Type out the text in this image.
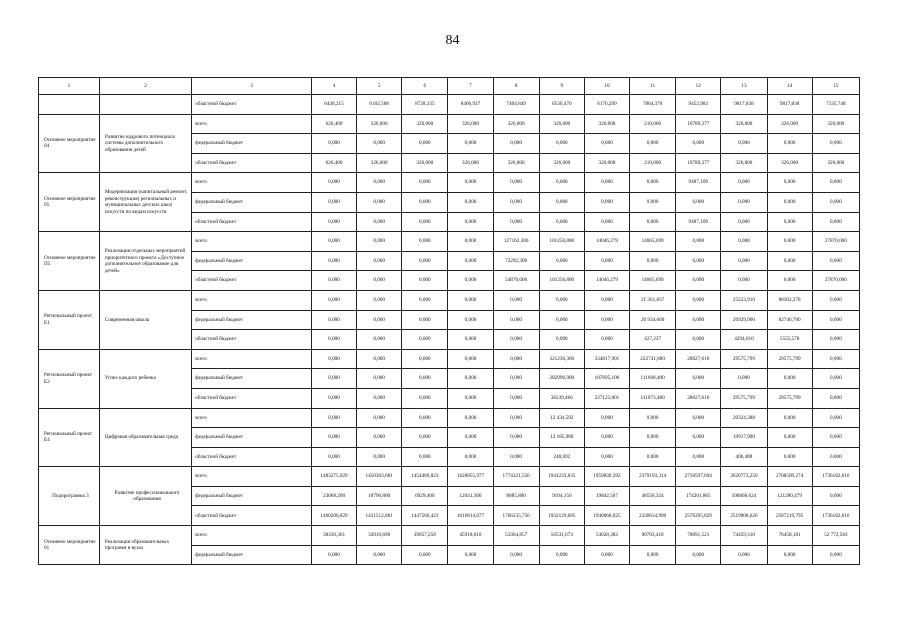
84
1	2	3	4	5	6	7	8	9	10	11	12	13	14	15
		областной бюджет	6438,215	6102,588	8728,335	8466,937	7404,849	6530,470	6176,299	7864,370	9452,983	9817,838	9817,838	7135,748
Основное мероприятие 04	Развитие кадрового потенциала системы дополнительного образования детей	всего	626,400	326,000	326,000	326,000	326,000	326,000	326,000	210,000	10789,377	326,000	326,000	326,000
		федеральный бюджет	0,000	0,000	0,000	0,000	0,000	0,000	0,000	0,000	0,000	0,000	0,000	0,000
		областной бюджет	626,400	326,000	326,000	326,000	326,000	326,000	326,000	210,000	10789,377	326,000	326,000	326,000
Основное мероприятие 05	Модернизация (капитальный ремонт, реконструкция) региональных и муниципальных детских школ искусств по видам искусств	всего	0,000	0,000	0,000	0,000	0,000	0,000	0,000	0,000	9487,109	0,000	0,000	0,000
		федеральный бюджет	0,000	0,000	0,000	0,000	0,000	0,000	0,000	0,000	0,000	0,000	0,000	0,000
		областной бюджет	0,000	0,000	0,000	0,000	0,000	0,000	0,000	0,000	9487,109	0,000	0,000	0,000
Основное мероприятие П5	Реализация отдельных мероприятий приоритетного проекта «Доступное дополнительное образование для детей»	всего	0,000	0,000	0,000	0,000	127162,300	101256,880	14046,279	14065,699	0,000	0,000	0,000	27870,000
		федеральный бюджет	0,000	0,000	0,000	0,000	72292,300	0,000	0,000	0,000	0,000	0,000	0,000	0,000
		областной бюджет	0,000	0,000	0,000	0,000	54870,000	101256,880	14046,279	14065,699	0,000	0,000	0,000	27870,000
Региональный проект E1	Современная школа	всего	0,000	0,000	0,000	0,000	0,000	0,000	0,000	21 361,837	0,000	25223,910	88302,278	0,000
		федеральный бюджет	0,000	0,000	0,000	0,000	0,000	0,000	0,000	20 934,600	0,000	20929,900	82746,700	0,000
		областной бюджет	0,000	0,000	0,000	0,000	0,000	0,000	0,000	427,237	0,000	4294,010	5555,578	0,000
Региональный проект E2	Успех каждого ребенка	всего	0,000	0,000	0,000	0,000	0,000	321236,366	334817,901	222741,880	28027,616	29575,799	29575,799	0,000
		федеральный бюджет	0,000	0,000	0,000	0,000	0,000	282996,900	107695,100	111668,400	0,000	0,000	0,000	0,000
		областной бюджет	0,000	0,000	0,000	0,000	0,000	38239,466	227122,801	111073,480	28027,616	29575,799	29575,799	0,000
Региональный проект E4	Цифровая образовательная среда	всего	0,000	0,000	0,000	0,000	0,000	12 434,592	0,000	0,000	0,000	20324,388	0,000	0,000
		федеральный бюджет	0,000	0,000	0,000	0,000	0,000	12 185,900	0,000	0,000	0,000	19917,900	0,000	0,000
		областной бюджет	0,000	0,000	0,000	0,000	0,000	248,692	0,000	0,000	0,000	406,488	0,000	0,000
Подпрограмма 3	Развитие профессионального образования	всего	1483275,029	1450303,681	1454489,823	1628855,977	1774321,556	1941233,835	1959830,392	2379193,314	2750597,694	2620773,250	2708509,274	1736182,616
		федеральный бюджет	23068,200	18790,800	6929,400	12041,300	8085,800	9104,150	19842,567	48558,324	174201,865	100866,624	121280,479	0,000
		областной бюджет	1460206,829	1431512,881	1447560,423	1616814,677	1766235,756	1932129,685	1940068,025	2330634,990	2576395,829	2519908,626	2587219,795	1736182,616
Основное мероприятие 01	Реализация образовательных программ в вузах	всего	38330,361	32010,690	39057,258	45918,010	53364,857	56531,673	54028,382	90703,418	78091,521	74459,310	76458,181	52 772,583
		федеральный бюджет	0,000	0,000	0,000	0,000	0,000	0,000	0,000	0,000	0,000	0,000	0,000	0,000
